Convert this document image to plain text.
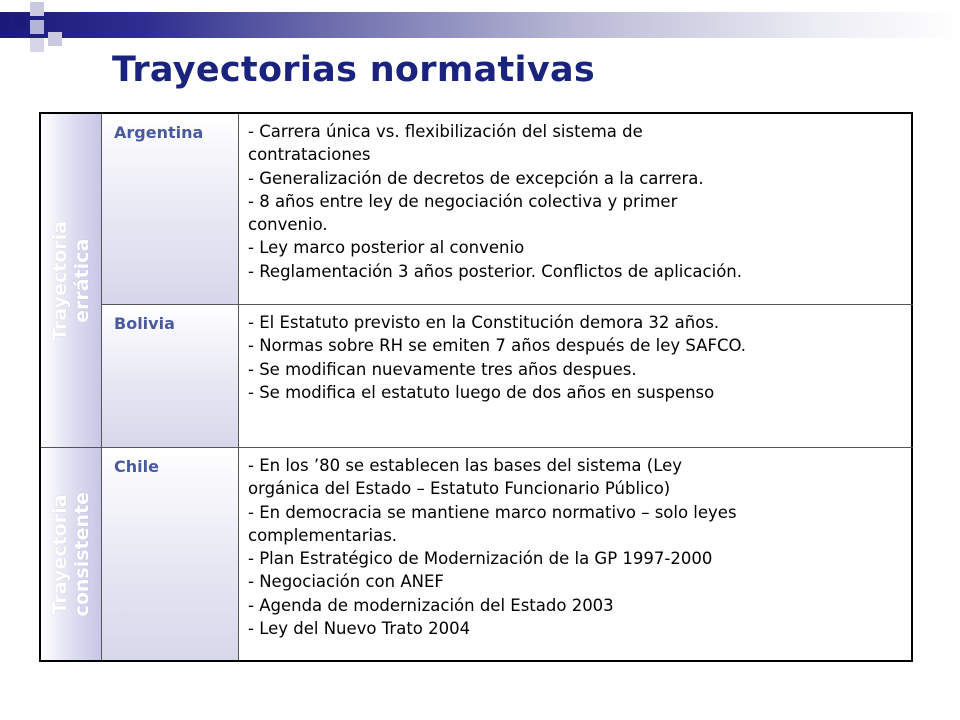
Trayectorias normativas
Trayectoria errática
Argentina	- Carrera única vs. flexibilización del sistema de
contrataciones
- Generalización de decretos de excepción a la carrera.
- 8 años entre ley de negociación colectiva y primer
convenio.
- Ley marco posterior al convenio
- Reglamentación 3 años posterior. Conflictos de aplicación.
Bolivia	- El Estatuto previsto en la Constitución demora 32 años.
- Normas sobre RH se emiten 7 años después de ley SAFCO.
- Se modifican nuevamente tres años despues.
- Se modifica el estatuto luego de dos años en suspenso
Trayectoria consistente
Chile	- En los ’80 se establecen las bases del sistema (Ley
orgánica del Estado – Estatuto Funcionario Público)
- En democracia se mantiene marco normativo – solo leyes
complementarias.
- Plan Estratégico de Modernización de la GP 1997-2000
- Negociación con ANEF
- Agenda de modernización del Estado 2003
- Ley del Nuevo Trato 2004
